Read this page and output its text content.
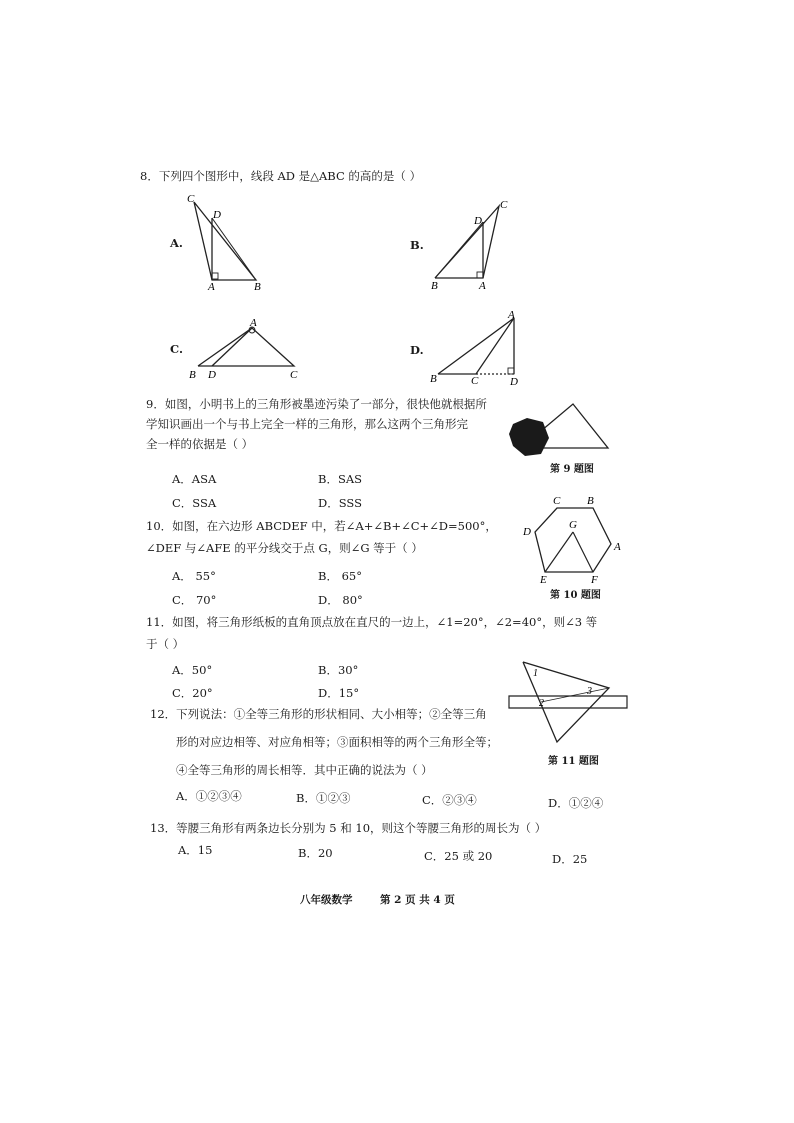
8．下列四个图形中，线段 AD 是△ABC 的高的是（ ）
A.
C
D
A	B
B.
D
C
B	A
C.
A
B D	C
D.
A
B	C	D
9．如图，小明书上的三角形被墨迹污染了一部分，很快他就根据所
学知识画出一个与书上完全一样的三角形，那么这两个三角形完
全一样的依据是（ ）
A．ASA	B．SAS
C．SSA	D．SSS
第 9 题图
10．如图，在六边形 ABCDEF 中，若∠A+∠B+∠C+∠D=500°，
∠DEF 与∠AFE 的平分线交于点 G，则∠G 等于（ ）
A． 55°	B． 65°
C． 70°	D． 80°
C B
G
D
A
E	F
第 10 题图
11．如图，将三角形纸板的直角顶点放在直尺的一边上，∠1=20°，∠2=40°，则∠3 等
于（ ）
A．50°	B．30°
C．20°	D．15°
1
2
3
第 11 题图
12．下列说法：①全等三角形的形状相同、大小相等；②全等三角
形的对应边相等、对应角相等；③面积相等的两个三角形全等；
④全等三角形的周长相等．其中正确的说法为（ ）
A．①②③④	B．①②③	C．②③④	D．①②④
13．等腰三角形有两条边长分别为 5 和 10，则这个等腰三角形的周长为（ ）
A．15	B．20	C．25 或 20	D．25
八年级数学	第 2 页 共 4 页
